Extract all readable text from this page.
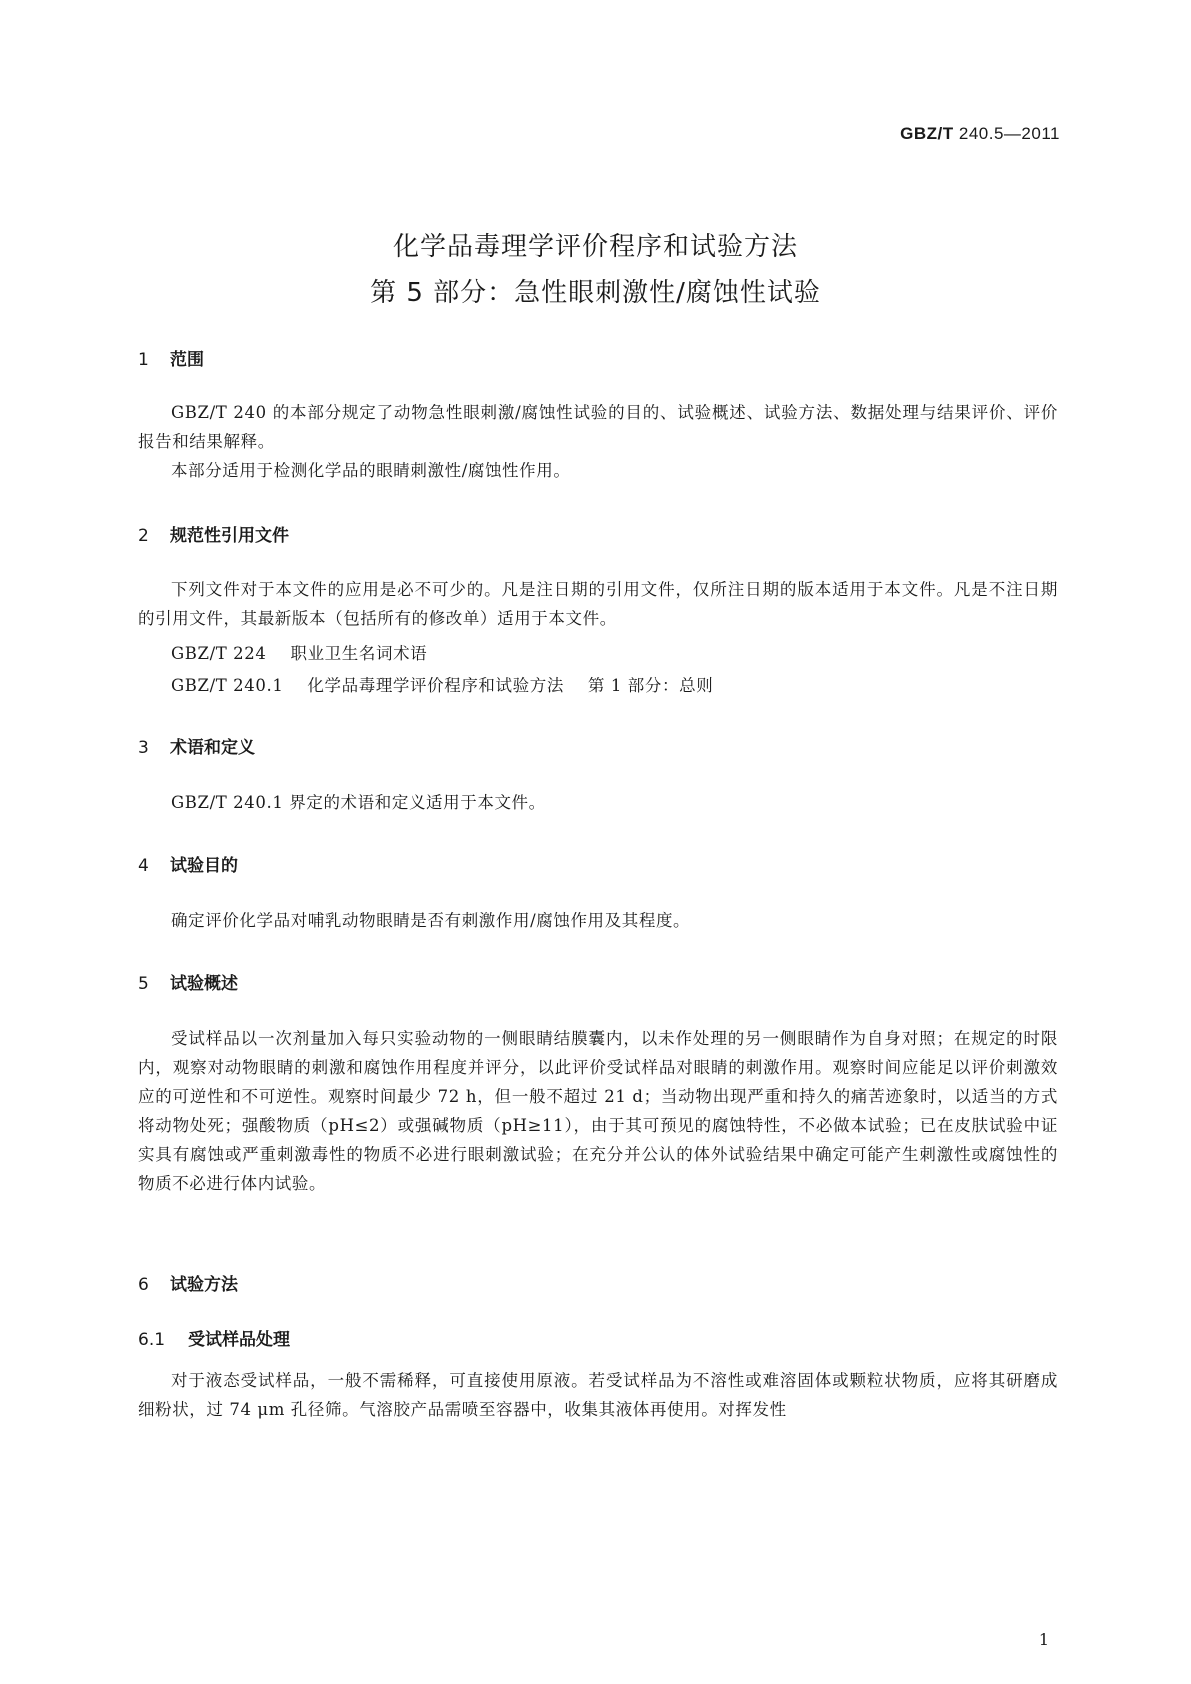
GBZ/T 240.5—2011
化学品毒理学评价程序和试验方法
第 5 部分：急性眼刺激性/腐蚀性试验
1 范围
GBZ/T 240 的本部分规定了动物急性眼刺激/腐蚀性试验的目的、试验概述、试验方法、数据处理与结果评价、评价报告和结果解释。
本部分适用于检测化学品的眼睛刺激性/腐蚀性作用。
2 规范性引用文件
下列文件对于本文件的应用是必不可少的。凡是注日期的引用文件，仅所注日期的版本适用于本文件。凡是不注日期的引用文件，其最新版本（包括所有的修改单）适用于本文件。
GBZ/T 224 职业卫生名词术语
GBZ/T 240.1 化学品毒理学评价程序和试验方法 第 1 部分：总则
3 术语和定义
GBZ/T 240.1 界定的术语和定义适用于本文件。
4 试验目的
确定评价化学品对哺乳动物眼睛是否有刺激作用/腐蚀作用及其程度。
5 试验概述
受试样品以一次剂量加入每只实验动物的一侧眼睛结膜囊内，以未作处理的另一侧眼睛作为自身对照；在规定的时限内，观察对动物眼睛的刺激和腐蚀作用程度并评分，以此评价受试样品对眼睛的刺激作用。观察时间应能足以评价刺激效应的可逆性和不可逆性。观察时间最少 72 h，但一般不超过 21 d；当动物出现严重和持久的痛苦迹象时，以适当的方式将动物处死；强酸物质（pH≤2）或强碱物质（pH≥11），由于其可预见的腐蚀特性，不必做本试验；已在皮肤试验中证实具有腐蚀或严重刺激毒性的物质不必进行眼刺激试验；在充分并公认的体外试验结果中确定可能产生刺激性或腐蚀性的物质不必进行体内试验。
6 试验方法
6.1 受试样品处理
对于液态受试样品，一般不需稀释，可直接使用原液。若受试样品为不溶性或难溶固体或颗粒状物质，应将其研磨成细粉状，过 74 μm 孔径筛。气溶胶产品需喷至容器中，收集其液体再使用。对挥发性
1
